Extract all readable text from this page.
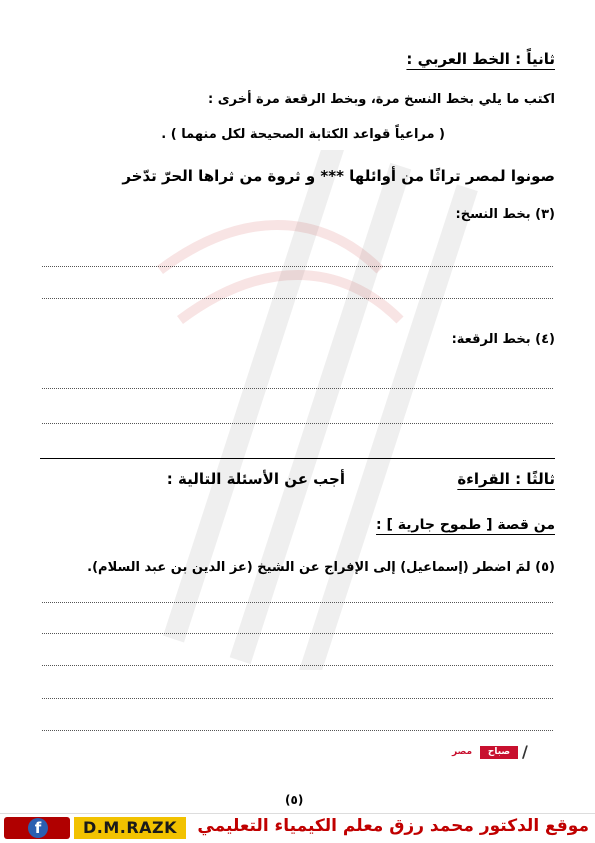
ثانياً : الخط العربي :
اكتب ما يلي بخط النسخ مرة، وبخط الرقعة مرة أخرى :
( مراعياً قواعد الكتابة الصحيحة لكل منهما ) .
صونوا لمصر تراثًا من أوائلها *** و ثروة من ثراها الحرّ تدّخر
(٣) بخط النسخ:
(٤) بخط الرقعة:
ثالثًا : القراءة
أجب عن الأسئلة التالية :
من قصة [ طموح جارية ] :
(٥) لمَ اضطر (إسماعيل) إلى الإفراج عن الشيخ (عز الدين بن عبد السلام).
/
صباح
مصر
(٥)
موقع الدكتور محمد رزق معلم الكيمياء التعليمي
D.M.RAZK
f
